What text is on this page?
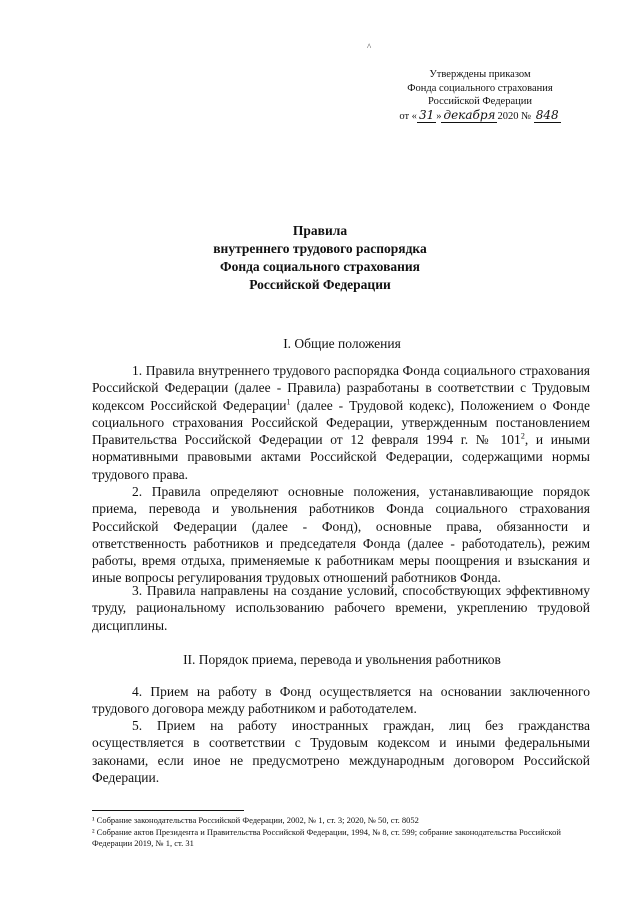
^
Утверждены приказом
Фонда социального страхования
Российской Федерации
от « 31 » декабря 2020 № 848
Правила
внутреннего трудового распорядка
Фонда социального страхования
Российской Федерации
I. Общие положения
1. Правила внутреннего трудового распорядка Фонда социального страхования Российской Федерации (далее - Правила) разработаны в соответствии с Трудовым кодексом Российской Федерации$^1$ (далее - Трудовой кодекс), Положением о Фонде социального страхования Российской Федерации, утвержденным постановлением Правительства Российской Федерации от 12 февраля 1994 г. № $101^2$, и иными нормативными правовыми актами Российской Федерации, содержащими нормы трудового права.
2. Правила определяют основные положения, устанавливающие порядок приема, перевода и увольнения работников Фонда социального страхования Российской Федерации (далее - Фонд), основные права, обязанности и ответственность работников и председателя Фонда (далее - работодатель), режим работы, время отдыха, применяемые к работникам меры поощрения и взыскания и иные вопросы регулирования трудовых отношений работников Фонда.
3. Правила направлены на создание условий, способствующих эффективному труду, рациональному использованию рабочего времени, укреплению трудовой дисциплины.
II. Порядок приема, перевода и увольнения работников
4. Прием на работу в Фонд осуществляется на основании заключенного трудового договора между работником и работодателем.
5. Прием на работу иностранных граждан, лиц без гражданства осуществляется в соответствии с Трудовым кодексом и иными федеральными законами, если иное не предусмотрено международным договором Российской Федерации.
¹ Собрание законодательства Российской Федерации, 2002, № 1, ст. 3; 2020, № 50, ст. 8052
² Собрание актов Президента и Правительства Российской Федерации, 1994, № 8, ст. 599; собрание законодательства Российской Федерации 2019, № 1, ст. 31
